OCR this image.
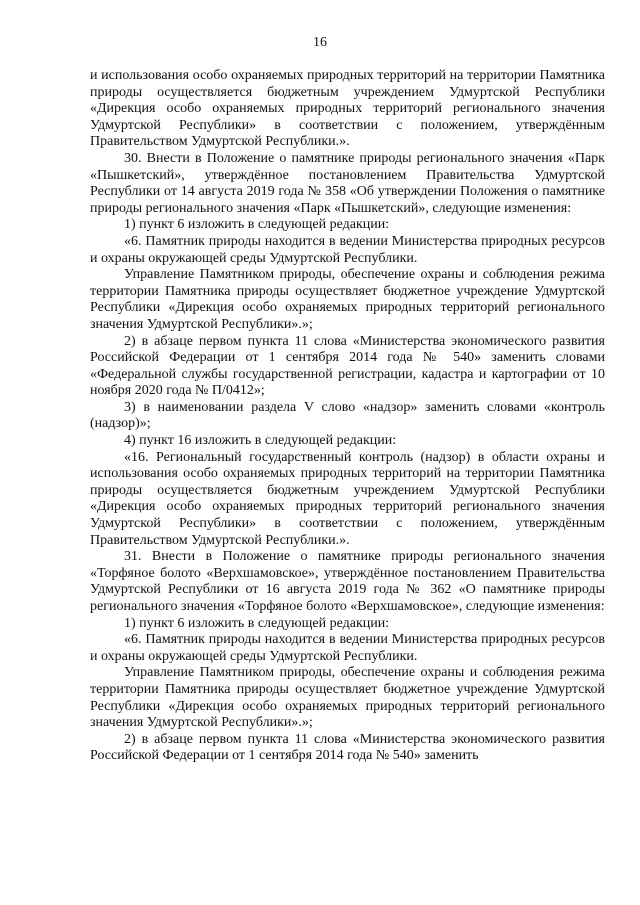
16

и использования особо охраняемых природных территорий на территории Памятника природы осуществляется бюджетным учреждением Удмуртской Республики «Дирекция особо охраняемых природных территорий регионального значения Удмуртской Республики» в соответствии с положением, утверждённым Правительством Удмуртской Республики.».

30. Внести в Положение о памятнике природы регионального значения «Парк «Пышкетский», утверждённое постановлением Правительства Удмуртской Республики от 14 августа 2019 года № 358 «Об утверждении Положения о памятнике природы регионального значения «Парк «Пышкетский», следующие изменения:

1) пункт 6 изложить в следующей редакции:

«6. Памятник природы находится в ведении Министерства природных ресурсов и охраны окружающей среды Удмуртской Республики.

Управление Памятником природы, обеспечение охраны и соблюдения режима территории Памятника природы осуществляет бюджетное учреждение Удмуртской Республики «Дирекция особо охраняемых природных территорий регионального значения Удмуртской Республики».»;

2) в абзаце первом пункта 11 слова «Министерства экономического развития Российской Федерации от 1 сентября 2014 года № 540» заменить словами «Федеральной службы государственной регистрации, кадастра и картографии от 10 ноября 2020 года № П/0412»;

3) в наименовании раздела V слово «надзор» заменить словами «контроль (надзор)»;

4) пункт 16 изложить в следующей редакции:

«16. Региональный государственный контроль (надзор) в области охраны и использования особо охраняемых природных территорий на территории Памятника природы осуществляется бюджетным учреждением Удмуртской Республики «Дирекция особо охраняемых природных территорий регионального значения Удмуртской Республики» в соответствии с положением, утверждённым Правительством Удмуртской Республики.».

31. Внести в Положение о памятнике природы регионального значения «Торфяное болото «Верхшамовское», утверждённое постановлением Правительства Удмуртской Республики от 16 августа 2019 года № 362 «О памятнике природы регионального значения «Торфяное болото «Верхшамовское», следующие изменения:

1) пункт 6 изложить в следующей редакции:

«6. Памятник природы находится в ведении Министерства природных ресурсов и охраны окружающей среды Удмуртской Республики.

Управление Памятником природы, обеспечение охраны и соблюдения режима территории Памятника природы осуществляет бюджетное учреждение Удмуртской Республики «Дирекция особо охраняемых природных территорий регионального значения Удмуртской Республики».»;

2) в абзаце первом пункта 11 слова «Министерства экономического развития Российской Федерации от 1 сентября 2014 года № 540» заменить
